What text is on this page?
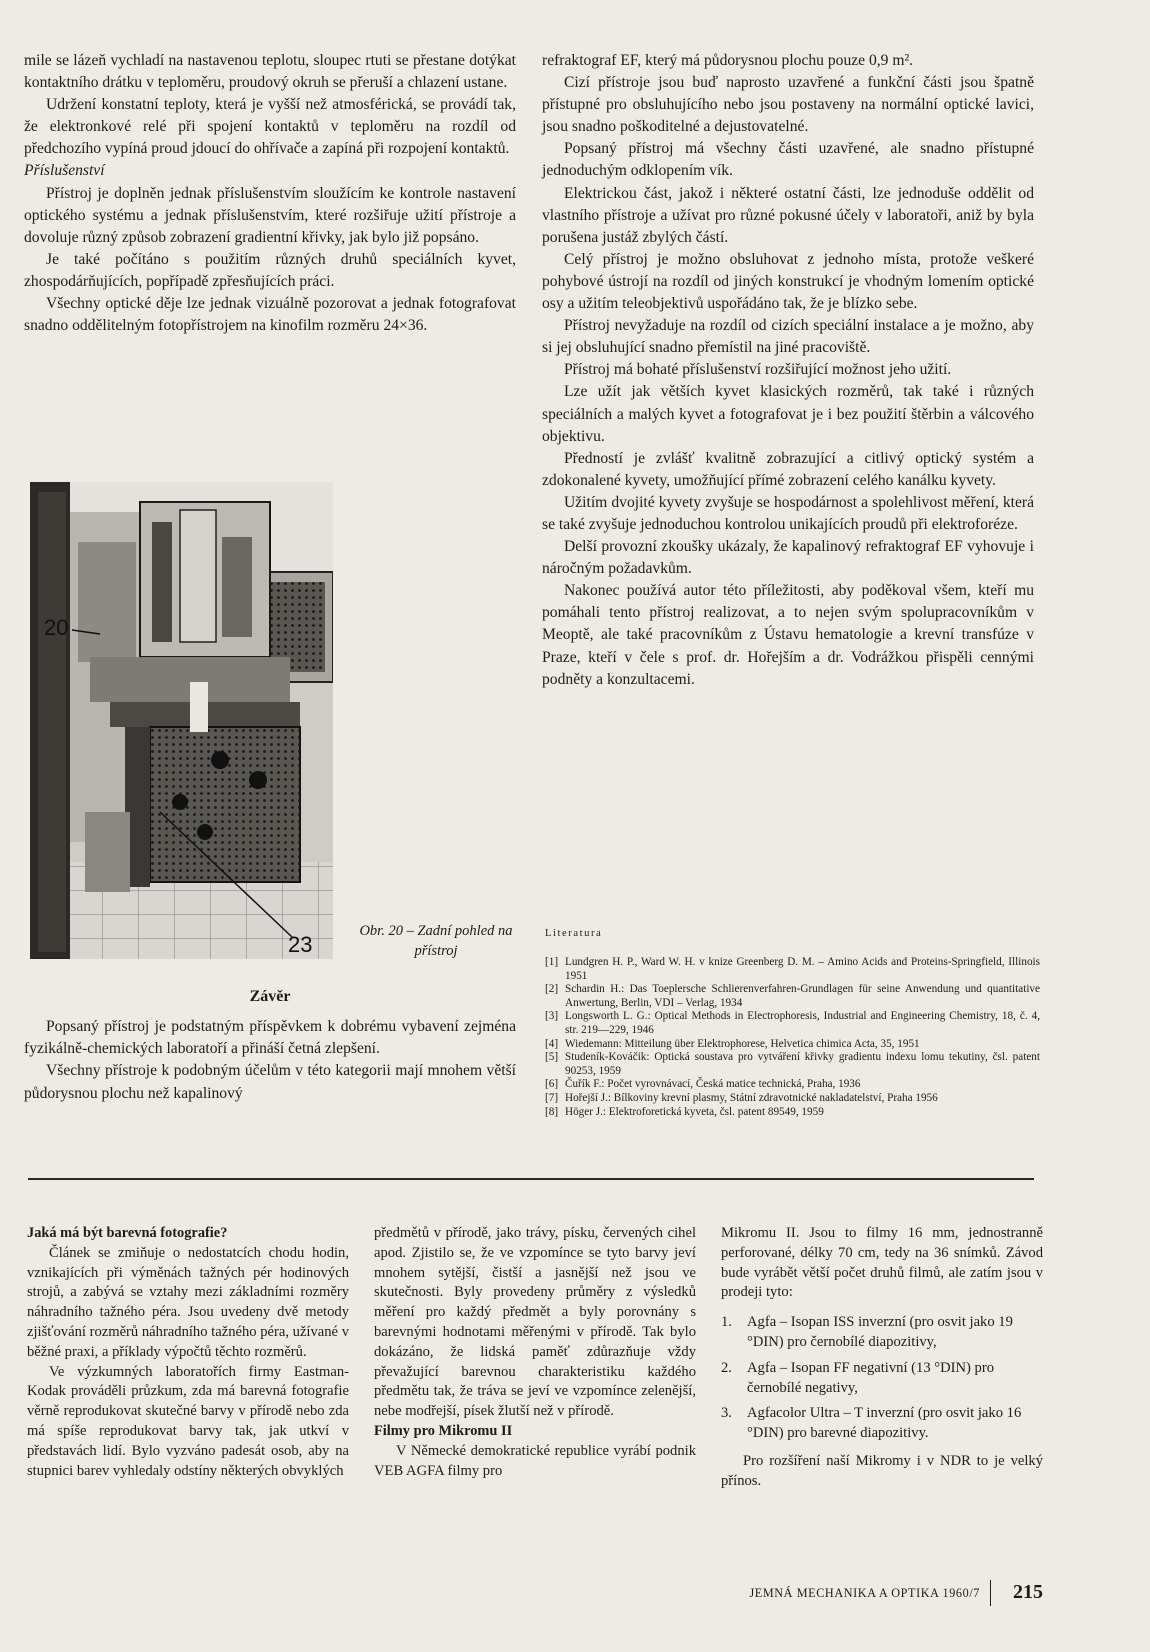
mile se lázeň vychladí na nastavenou teplotu, sloupec rtuti se přestane dotýkat kontaktního drátku v teploměru, proudový okruh se přeruší a chlazení ustane.

Udržení konstatní teploty, která je vyšší než atmosférická, se provádí tak, že elektronkové relé při spojení kontaktů v teploměru na rozdíl od předchozího vypíná proud jdoucí do ohřívače a zapíná při rozpojení kontaktů.

Příslušenství

Přístroj je doplněn jednak příslušenstvím sloužícím ke kontrole nastavení optického systému a jednak příslušenstvím, které rozšiřuje užití přístroje a dovoluje různý způsob zobrazení gradientní křivky, jak bylo již popsáno.

Je také počítáno s použitím různých druhů speciálních kyvet, zhospodárňujících, popřípadě zpřesňujících práci.

Všechny optické děje lze jednak vizuálně pozorovat a jednak fotografovat snadno oddělitelným fotopřístrojem na kinofilm rozměru 24×36.

20
23
Obr. 20 – Zadní pohled na přístroj
Závěr

Popsaný přístroj je podstatným příspěvkem k dobrému vybavení zejména fyzikálně-chemických laboratoří a přináší četná zlepšení.

Všechny přístroje k podobným účelům v této kategorii mají mnohem větší půdorysnou plochu než kapalinový

refraktograf EF, který má půdorysnou plochu pouze 0,9 m².

Cizí přístroje jsou buď naprosto uzavřené a funkční části jsou špatně přístupné pro obsluhujícího nebo jsou postaveny na normální optické lavici, jsou snadno poškoditelné a dejustovatelné.

Popsaný přístroj má všechny části uzavřené, ale snadno přístupné jednoduchým odklopením vík.

Elektrickou část, jakož i některé ostatní části, lze jednoduše oddělit od vlastního přístroje a užívat pro různé pokusné účely v laboratoři, aniž by byla porušena justáž zbylých částí.

Celý přístroj je možno obsluhovat z jednoho místa, protože veškeré pohybové ústrojí na rozdíl od jiných konstrukcí je vhodným lomením optické osy a užitím teleobjektivů uspořádáno tak, že je blízko sebe.

Přístroj nevyžaduje na rozdíl od cizích speciální instalace a je možno, aby si jej obsluhující snadno přemístil na jiné pracoviště.

Přístroj má bohaté příslušenství rozšiřující možnost jeho užití.

Lze užít jak větších kyvet klasických rozměrů, tak také i různých speciálních a malých kyvet a fotografovat je i bez použití štěrbin a válcového objektivu.

Předností je zvlášť kvalitně zobrazující a citlivý optický systém a zdokonalené kyvety, umožňující přímé zobrazení celého kanálku kyvety.

Užitím dvojité kyvety zvyšuje se hospodárnost a spolehlivost měření, která se také zvyšuje jednoduchou kontrolou unikajících proudů při elektroforéze.

Delší provozní zkoušky ukázaly, že kapalinový refraktograf EF vyhovuje i náročným požadavkům.

Nakonec používá autor této příležitosti, aby poděkoval všem, kteří mu pomáhali tento přístroj realizovat, a to nejen svým spolupracovníkům v Meoptě, ale také pracovníkům z Ústavu hematologie a krevní transfúze v Praze, kteří v čele s prof. dr. Hořejším a dr. Vodrážkou přispěli cennými podněty a konzultacemi.

Literatura
[1] Lundgren H. P., Ward W. H. v knize Greenberg D. M. – Amino Acids and Proteins-Springfield, Illinois 1951
[2] Schardin H.: Das Toeplersche Schlierenverfahren-Grundlagen für seine Anwendung und quantitative Anwertung, Berlin, VDI – Verlag, 1934
[3] Longsworth L. G.: Optical Methods in Electrophoresis, Industrial and Engineering Chemistry, 18, č. 4, str. 219—229, 1946
[4] Wiedemann: Mitteilung über Elektrophorese, Helvetica chimica Acta, 35, 1951
[5] Studeník-Kováčik: Optická soustava pro vytváření křivky gradientu indexu lomu tekutiny, čsl. patent 90253, 1959
[6] Čuřík F.: Počet vyrovnávací, Česká matice technická, Praha, 1936
[7] Hořejší J.: Bílkoviny krevní plasmy, Státní zdravotnické nakladatelství, Praha 1956
[8] Höger J.: Elektroforetická kyveta, čsl. patent 89549, 1959

Jaká má být barevná fotografie?

Článek se zmiňuje o nedostatcích chodu hodin, vznikajících při výměnách tažných pér hodinových strojů, a zabývá se vztahy mezi základními rozměry náhradního tažného péra. Jsou uvedeny dvě metody zjišťování rozměrů náhradního tažného péra, užívané v běžné praxi, a příklady výpočtů těchto rozměrů.

Ve výzkumných laboratořích firmy Eastman-Kodak prováděli průzkum, zda má barevná fotografie věrně reprodukovat skutečné barvy v přírodě nebo zda má spíše reprodukovat barvy tak, jak utkví v představách lidí. Bylo vyzváno padesát osob, aby na stupnici barev vyhledaly odstíny některých obvyklých

předmětů v přírodě, jako trávy, písku, červených cihel apod. Zjistilo se, že ve vzpomínce se tyto barvy jeví mnohem sytější, čistší a jasnější než jsou ve skutečnosti. Byly provedeny průměry z výsledků měření pro každý předmět a byly porovnány s barevnými hodnotami měřenými v přírodě. Tak bylo dokázáno, že lidská paměť zdůrazňuje vždy převažující barevnou charakteristiku každého předmětu tak, že tráva se jeví ve vzpomínce zelenější, nebe modřejší, písek žlutší než v přírodě.

Filmy pro Mikromu II

V Německé demokratické republice vyrábí podnik VEB AGFA filmy pro

Mikromu II. Jsou to filmy 16 mm, jednostranně perforované, délky 70 cm, tedy na 36 snímků. Závod bude vyrábět větší počet druhů filmů, ale zatím jsou v prodeji tyto:

1.	Agfa – Isopan ISS inverzní (pro osvit jako 19 °DIN) pro černobílé diapozitivy,
2.	Agfa – Isopan FF negativní (13 °DIN) pro černobílé negativy,
3.	Agfacolor Ultra – T inverzní (pro osvit jako 16 °DIN) pro barevné diapozitivy.

Pro rozšíření naší Mikromy i v NDR to je velký přínos.

JEMNÁ MECHANIKA A OPTIKA 1960/7 215
